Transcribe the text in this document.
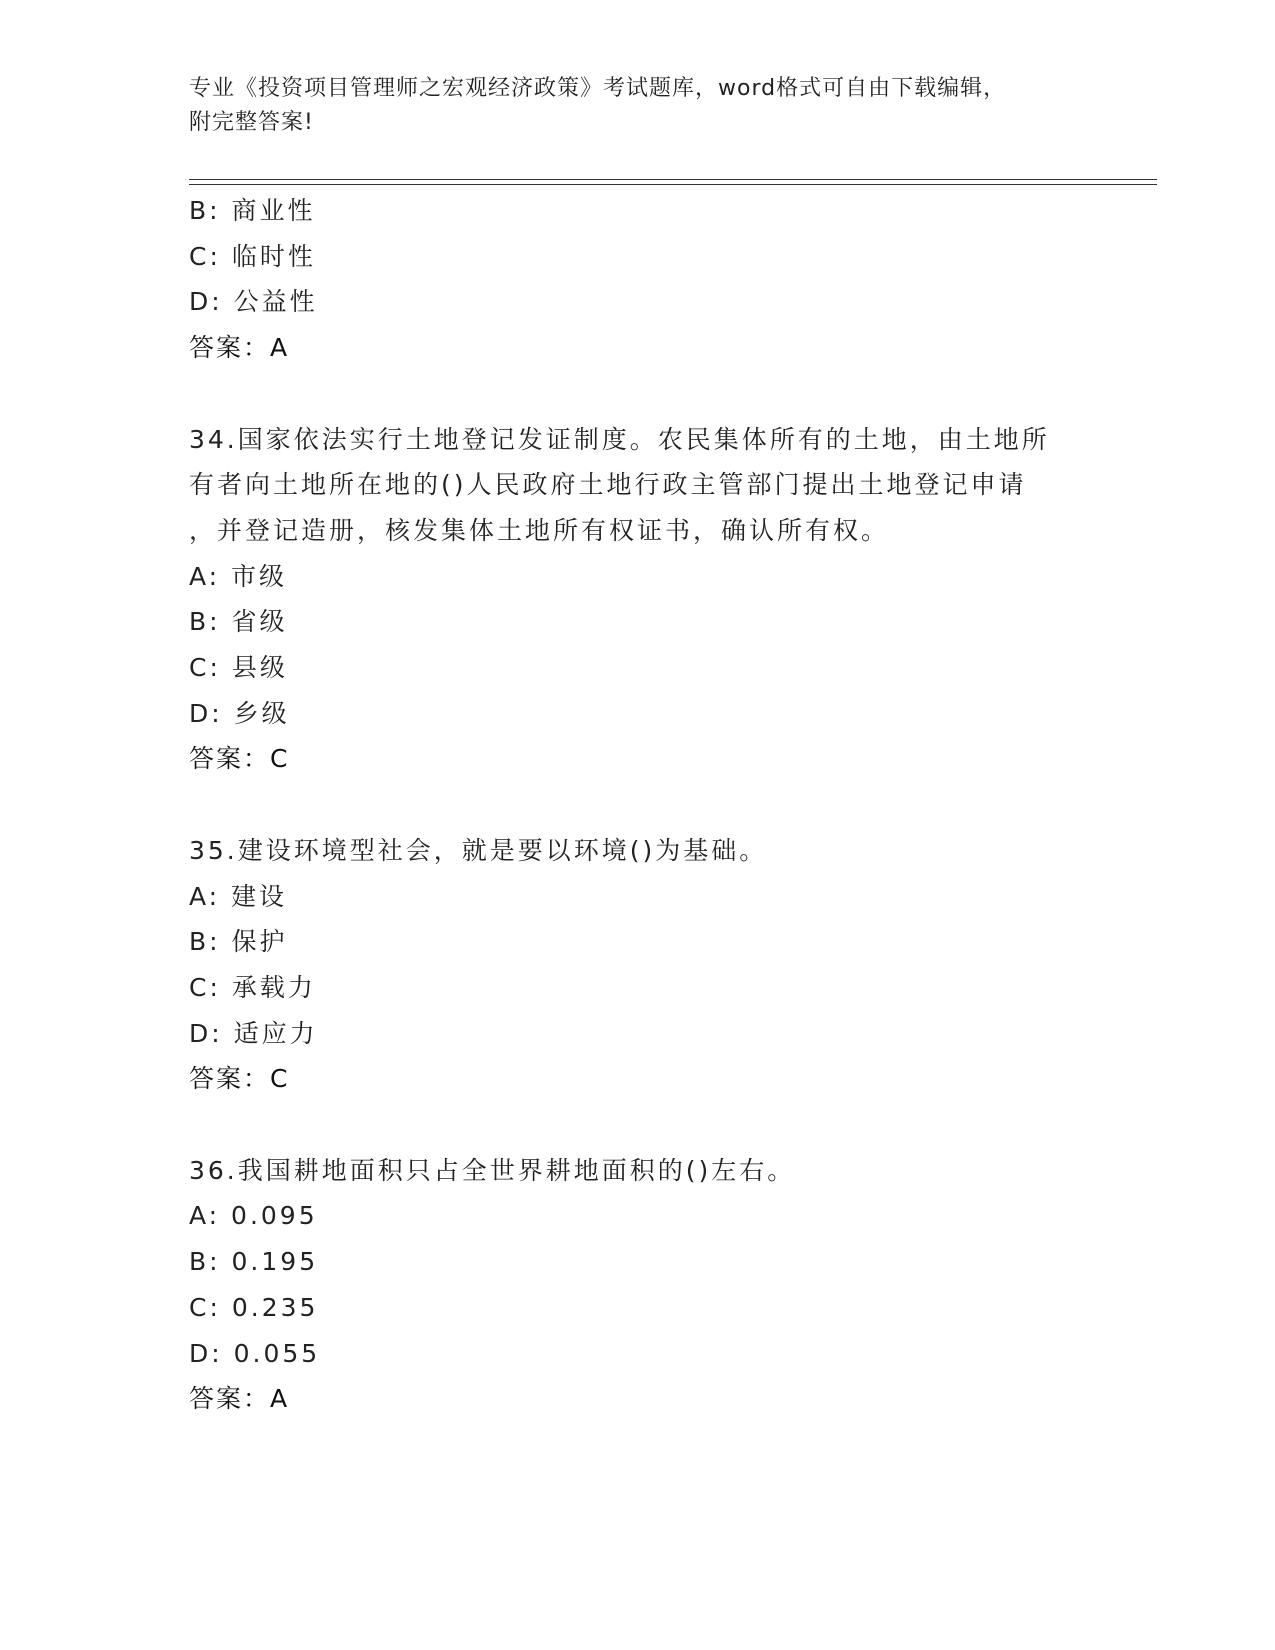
专业《投资项目管理师之宏观经济政策》考试题库，word格式可自由下载编辑，
附完整答案!
B: 商业性
C: 临时性
D: 公益性
答案：A
34.国家依法实行土地登记发证制度。农民集体所有的土地，由土地所
有者向土地所在地的()人民政府土地行政主管部门提出土地登记申请
，并登记造册，核发集体土地所有权证书，确认所有权。
A: 市级
B: 省级
C: 县级
D: 乡级
答案：C
35.建设环境型社会，就是要以环境()为基础。
A: 建设
B: 保护
C: 承载力
D: 适应力
答案：C
36.我国耕地面积只占全世界耕地面积的()左右。
A: 0.095
B: 0.195
C: 0.235
D: 0.055
答案：A
